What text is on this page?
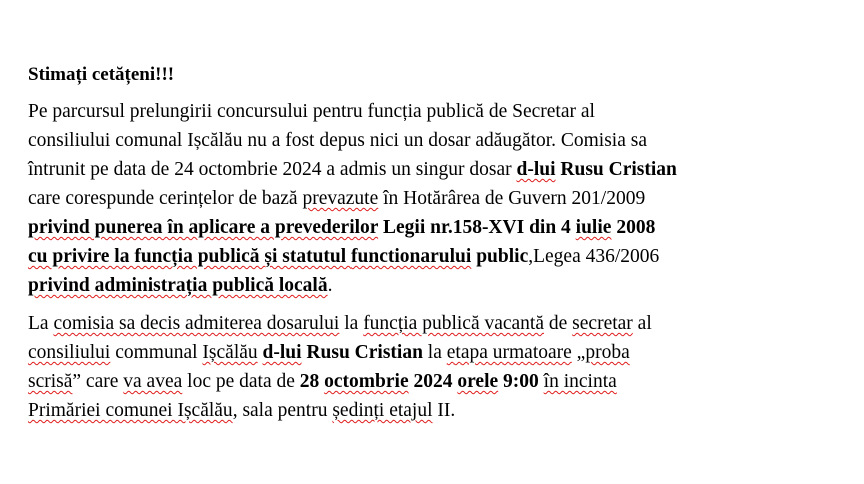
Stimați cetățeni!!!
Pe parcursul prelungirii concursului pentru funcția publică de Secretar al
consiliului comunal Ișcălău nu a fost depus nici un dosar adăugător. Comisia sa
întrunit pe data de 24 octombrie 2024 a admis un singur dosar d-lui Rusu Cristian
care corespunde cerințelor de bază prevazute în Hotărârea de Guvern 201/2009
privind punerea în aplicare a prevederilor Legii nr.158-XVI din 4 iulie 2008
cu privire la funcția publică și statutul functionarului public,Legea 436/2006
privind administrația publică locală.
La comisia sa decis admiterea dosarului la funcția publică vacantă de secretar al
consiliului communal Ișcălău d-lui Rusu Cristian la etapa urmatoare „proba
scrisă” care va avea loc pe data de 28 octombrie 2024 orele 9:00 în incinta
Primăriei comunei Ișcălău, sala pentru ședinți etajul II.
